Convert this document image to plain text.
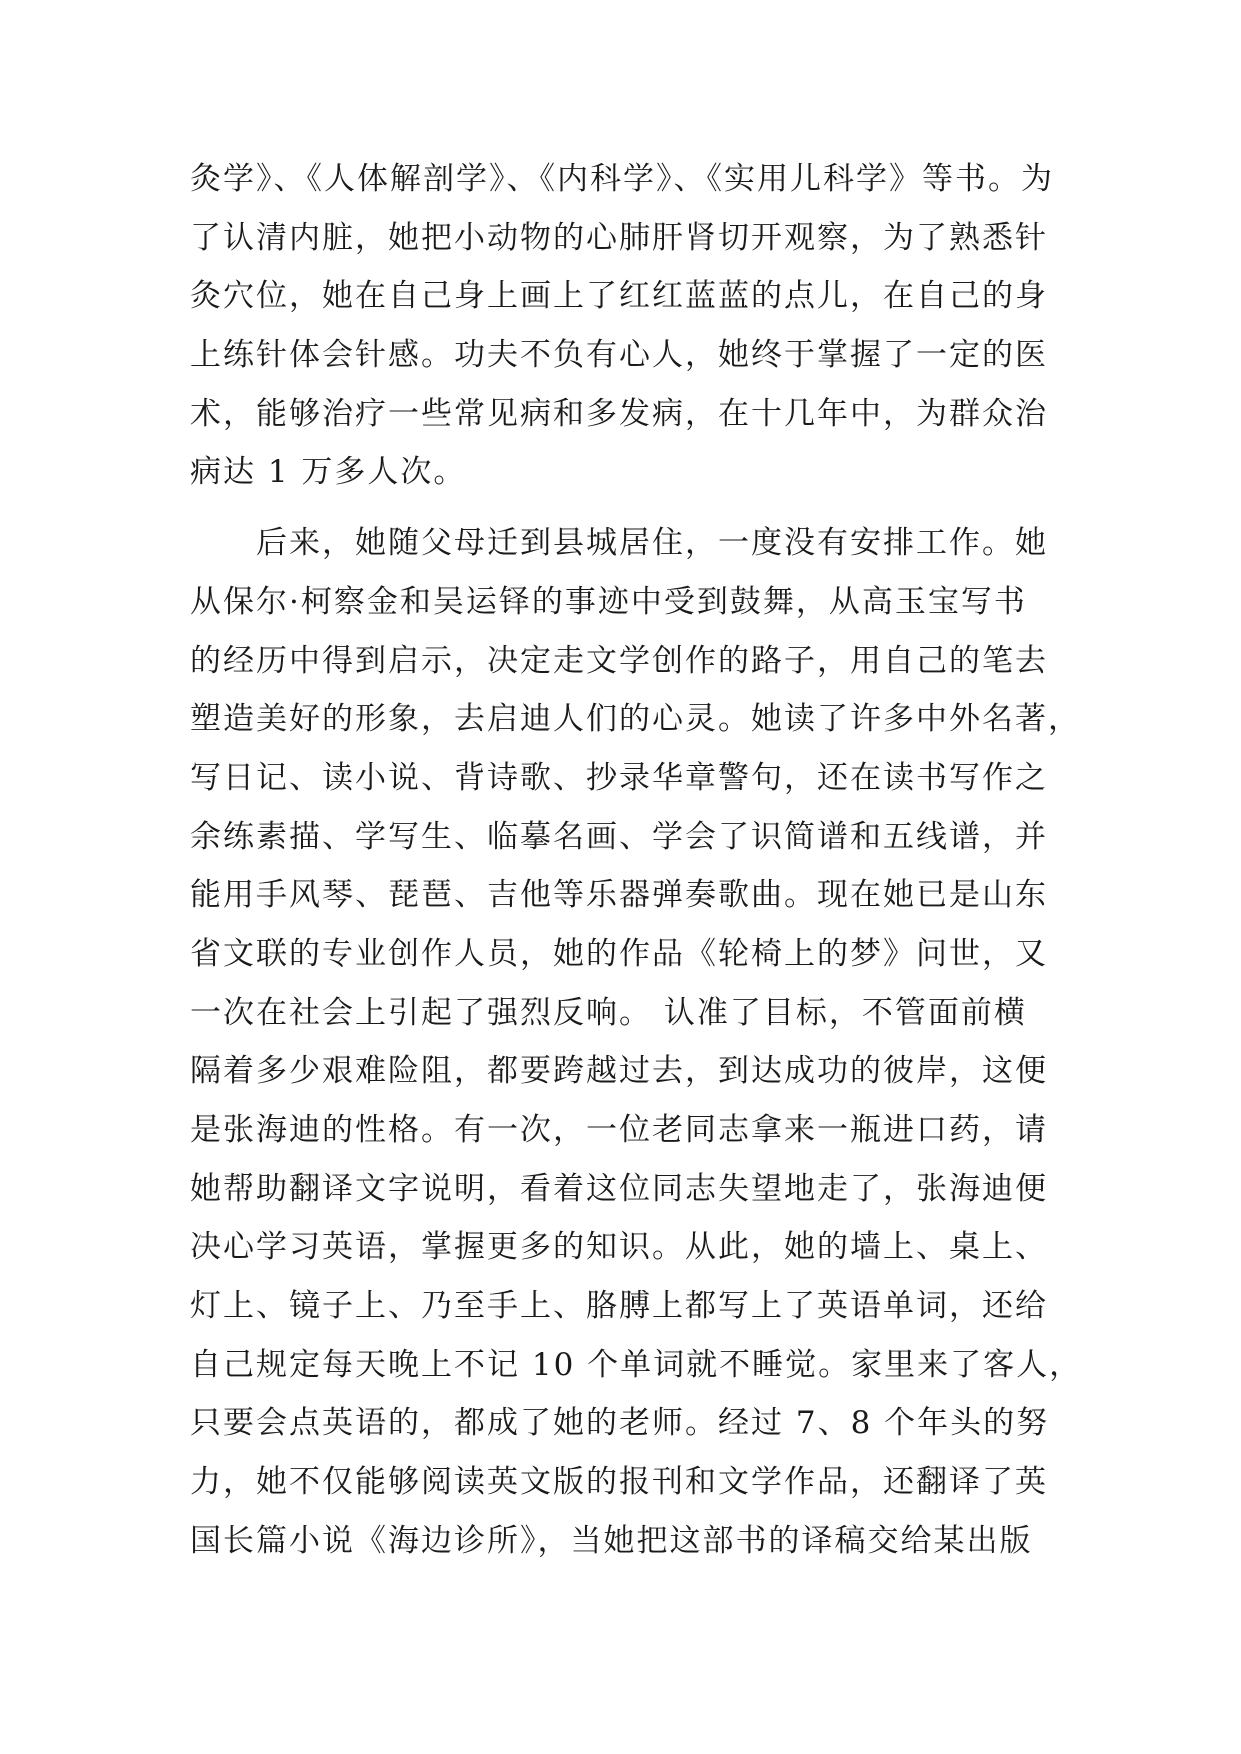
灸学》、《人体解剖学》、《内科学》、《实用儿科学》等书。为
了认清内脏，她把小动物的心肺肝肾切开观察，为了熟悉针
灸穴位，她在自己身上画上了红红蓝蓝的点儿，在自己的身
上练针体会针感。功夫不负有心人，她终于掌握了一定的医
术，能够治疗一些常见病和多发病，在十几年中，为群众治
病达 1 万多人次。
　　后来，她随父母迁到县城居住，一度没有安排工作。她
从保尔·柯察金和吴运铎的事迹中受到鼓舞，从高玉宝写书
的经历中得到启示，决定走文学创作的路子，用自己的笔去
塑造美好的形象，去启迪人们的心灵。她读了许多中外名著，
写日记、读小说、背诗歌、抄录华章警句，还在读书写作之
余练素描、学写生、临摹名画、学会了识简谱和五线谱，并
能用手风琴、琵琶、吉他等乐器弹奏歌曲。现在她已是山东
省文联的专业创作人员，她的作品《轮椅上的梦》问世，又
一次在社会上引起了强烈反响。 认准了目标，不管面前横
隔着多少艰难险阻，都要跨越过去，到达成功的彼岸，这便
是张海迪的性格。有一次，一位老同志拿来一瓶进口药，请
她帮助翻译文字说明，看着这位同志失望地走了，张海迪便
决心学习英语，掌握更多的知识。从此，她的墙上、桌上、
灯上、镜子上、乃至手上、胳膊上都写上了英语单词，还给
自己规定每天晚上不记 10 个单词就不睡觉。家里来了客人，
只要会点英语的，都成了她的老师。经过 7、8 个年头的努
力，她不仅能够阅读英文版的报刊和文学作品，还翻译了英
国长篇小说《海边诊所》，当她把这部书的译稿交给某出版
